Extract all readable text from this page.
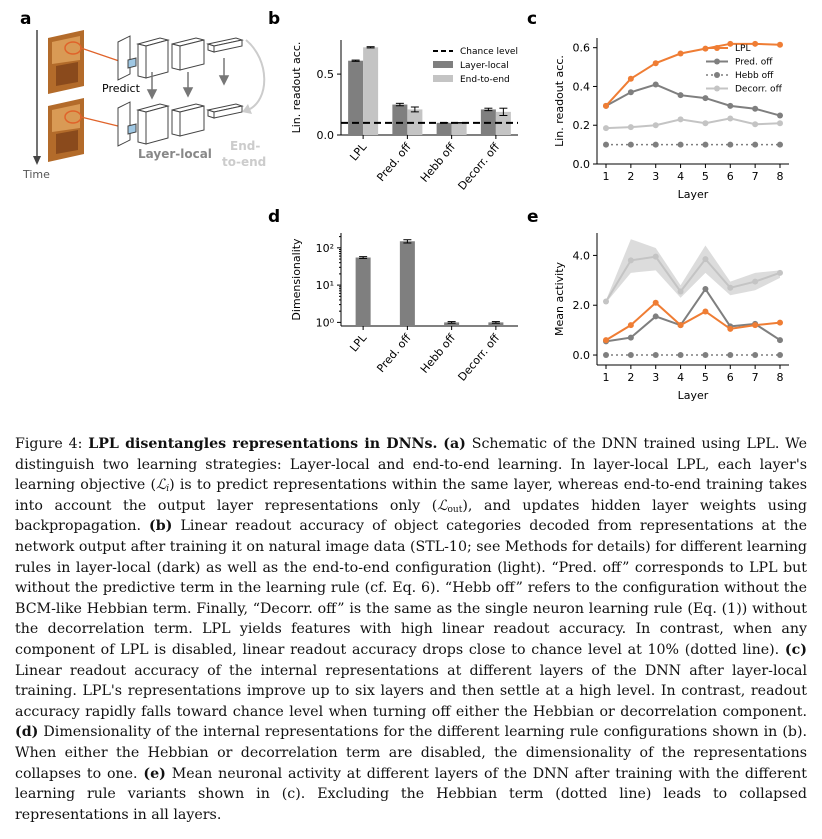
a	b	c
d	e
Time
Predict
Layer-local
End-
to-end
0.0
0.5
Lin. readout acc.
LPL Pred. off Hebb off
Decorr. off
Chance level
Layer-local
End-to-end
0.0
0.2
0.4
0.6
1 2 3 4 5 6 7 8
Layer
Lin. readout acc.
LPL
Pred. off
Hebb off
Decorr. off
10⁰
10¹
10²
Dimensionality
LPL Pred. off Hebb off
Decorr. off	0.0
2.0
4.0
1 2 3 4 5 6 7 8
Layer
Mean activity
Figure 4: LPL disentangles representations in DNNs. (a) Schematic of the DNN trained using LPL. We distinguish two learning strategies: Layer-local and end-to-end learning. In layer-local LPL, each layer's learning objective (ℒ$_i$) is to predict representations within the same layer, whereas end-to-end training takes into account the output layer representations only (ℒ$_{out}$), and updates hidden layer weights using backpropagation. (b) Linear readout accuracy of object categories decoded from representations at the network output after training it on natural image data (STL-10; see Methods for details) for different learning rules in layer-local (dark) as well as the end-to-end configuration (light). “Pred. off” corresponds to LPL but without the predictive term in the learning rule (cf. Eq. 6). “Hebb off” refers to the configuration without the BCM-like Hebbian term. Finally, “Decorr. off” is the same as the single neuron learning rule (Eq. (1)) without the decorrelation term. LPL yields features with high linear readout accuracy. In contrast, when any component of LPL is disabled, linear readout accuracy drops close to chance level at 10% (dotted line). (c) Linear readout accuracy of the internal representations at different layers of the DNN after layer-local training. LPL's representations improve up to six layers and then settle at a high level. In contrast, readout accuracy rapidly falls toward chance level when turning off either the Hebbian or decorrelation component. (d) Dimensionality of the internal representations for the different learning rule configurations shown in (b). When either the Hebbian or decorrelation term are disabled, the dimensionality of the representations collapses to one. (e) Mean neuronal activity at different layers of the DNN after training with the different learning rule variants shown in (c). Excluding the Hebbian term (dotted line) leads to collapsed representations in all layers.
